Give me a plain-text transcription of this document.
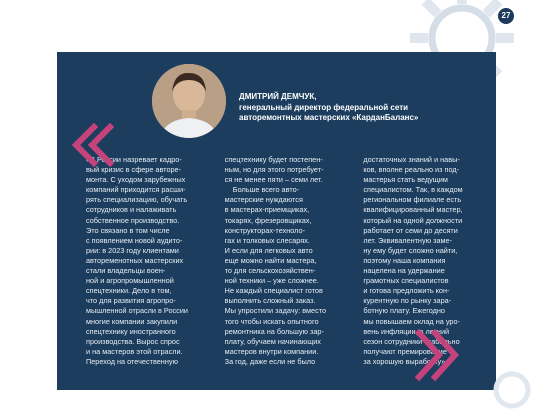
27
ДМИТРИЙ ДЕМЧУК,
генеральный директор федеральной сети
авторемонтных мастерских «КарданБаланс»
«В России назревает кадро-
вый кризис в сфере авторе-
монта. С уходом зарубежных
компаний приходится расши-
рять специализацию, обучать
сотрудников и налаживать
собственное производство.
Это связано в том числе
с появлением новой аудито-
рии: в 2023 году клиентами
автоременотных мастерских
стали владельцы воен-
ной и агропромышленной
спецтехники. Дело в том,
что для развития агропро-
мышленной отрасли в России
многие компании закупили
спецтехнику иностранного
производства. Вырос спрос
и на мастеров этой отрасли.
Переход на отечественную
спецтехнику будет постепен-
ным, но для этого потребует-
ся не менее пяти – семи лет.
Больше всего авто-
мастерские нуждаются
в мастерах-приемщиках,
токарях, фрезеровщиках,
конструкторах-техноло-
гах и толковых слесарях.
И если для легковых авто
еще можно найти мастера,
то для сельскохозяйствен-
ной техники – уже сложнее.
Не каждый специалист готов
выполнить сложный заказ.
Мы упростили задачу: вместо
того чтобы искать опытного
ремонтника на большую зар-
плату, обучаем начинающих
мастеров внутри компании.
За год, даже если не было
достаточных знаний и навы-
ков, вполне реально из под-
мастерья стать ведущим
специалистом. Так, в каждом
региональном филиале есть
квалифицированный мастер,
который на одной должности
работает от семи до десяти
лет. Эквивалентную заме-
ну ему будет сложно найти,
поэтому наша компания
нацелена на удержание
грамотных специалистов
и готова предложить кон-
курентную по рынку зара-
ботную плату. Ежегодно
мы повышаем оклад на уро-
вень инфляции, в летний
сезон сотрудники стабильно
получают премирование
за хорошую выработку»
